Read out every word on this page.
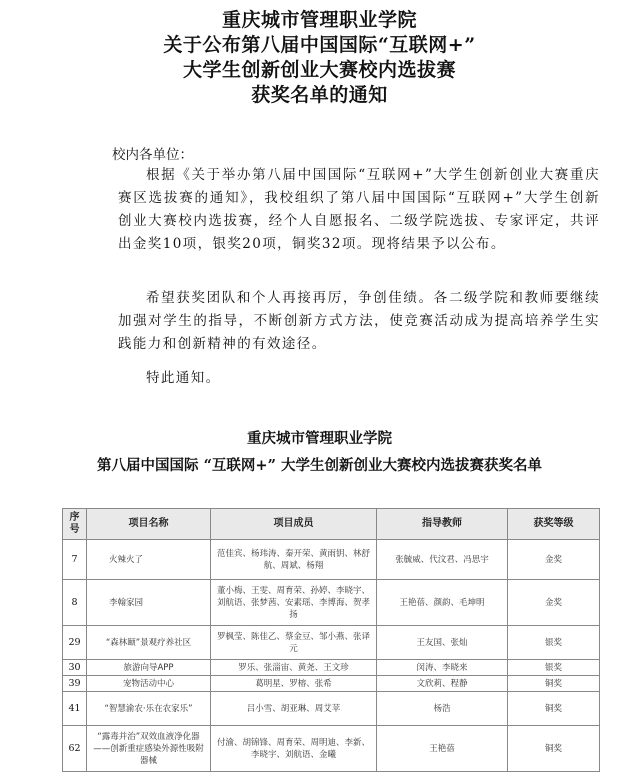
重庆城市管理职业学院
关于公布第八届中国国际“互联网+”
大学生创新创业大赛校内选拔赛
获奖名单的通知
校内各单位：
根据《关于举办第八届中国国际“互联网+”大学生创新创业大赛重庆赛区选拔赛的通知》，我校组织了第八届中国国际“互联网+”大学生创新创业大赛校内选拔赛，经个人自愿报名、二级学院选拔、专家评定，共评出金奖10项，银奖20项，铜奖32项。现将结果予以公布。
希望获奖团队和个人再接再厉，争创佳绩。各二级学院和教师要继续加强对学生的指导，不断创新方式方法，使竞赛活动成为提高培养学生实践能力和创新精神的有效途径。
特此通知。
重庆城市管理职业学院
第八届中国国际 “互联网+” 大学生创新创业大赛校内选拔赛获奖名单
序号	项目名称	项目成员	指导教师	获奖等级
7	火辣火了	范佳宾、杨玮涛、秦开荣、黄雨钥、林舒航、周斌、杨翔	张毓威、代汶君、冯思宇	金奖
8	李翰家园	董小梅、王雯、周育荣、孙婷、李晓宇、刘航语、张梦茜、安素瑶、李博海、贺孝扬	王艳蓓、颜韵、毛坤明	金奖
29	“森林颐”景观疗养社区	罗枫莹、陈佳乙、蔡金豆、邹小燕、张译元	王友国、张灿	银奖
30	旅游向导APP	罗乐、张淄宙、黄尧、王文珍	闵涛、李晓来	银奖
39	宠物活动中心	葛明星、罗榕、张希	文欣莉、程静	铜奖
41	“智慧渝农·乐在农家乐”	吕小雪、胡亚琳、周艾苹	杨浩	铜奖
62	“露毒并治”双效血液净化器——创新重症感染外源性吸附器械	付渝、胡锦锋、周育荣、周明迪、李新、李晓宇、刘航语、金曦	王艳蓓	铜奖
